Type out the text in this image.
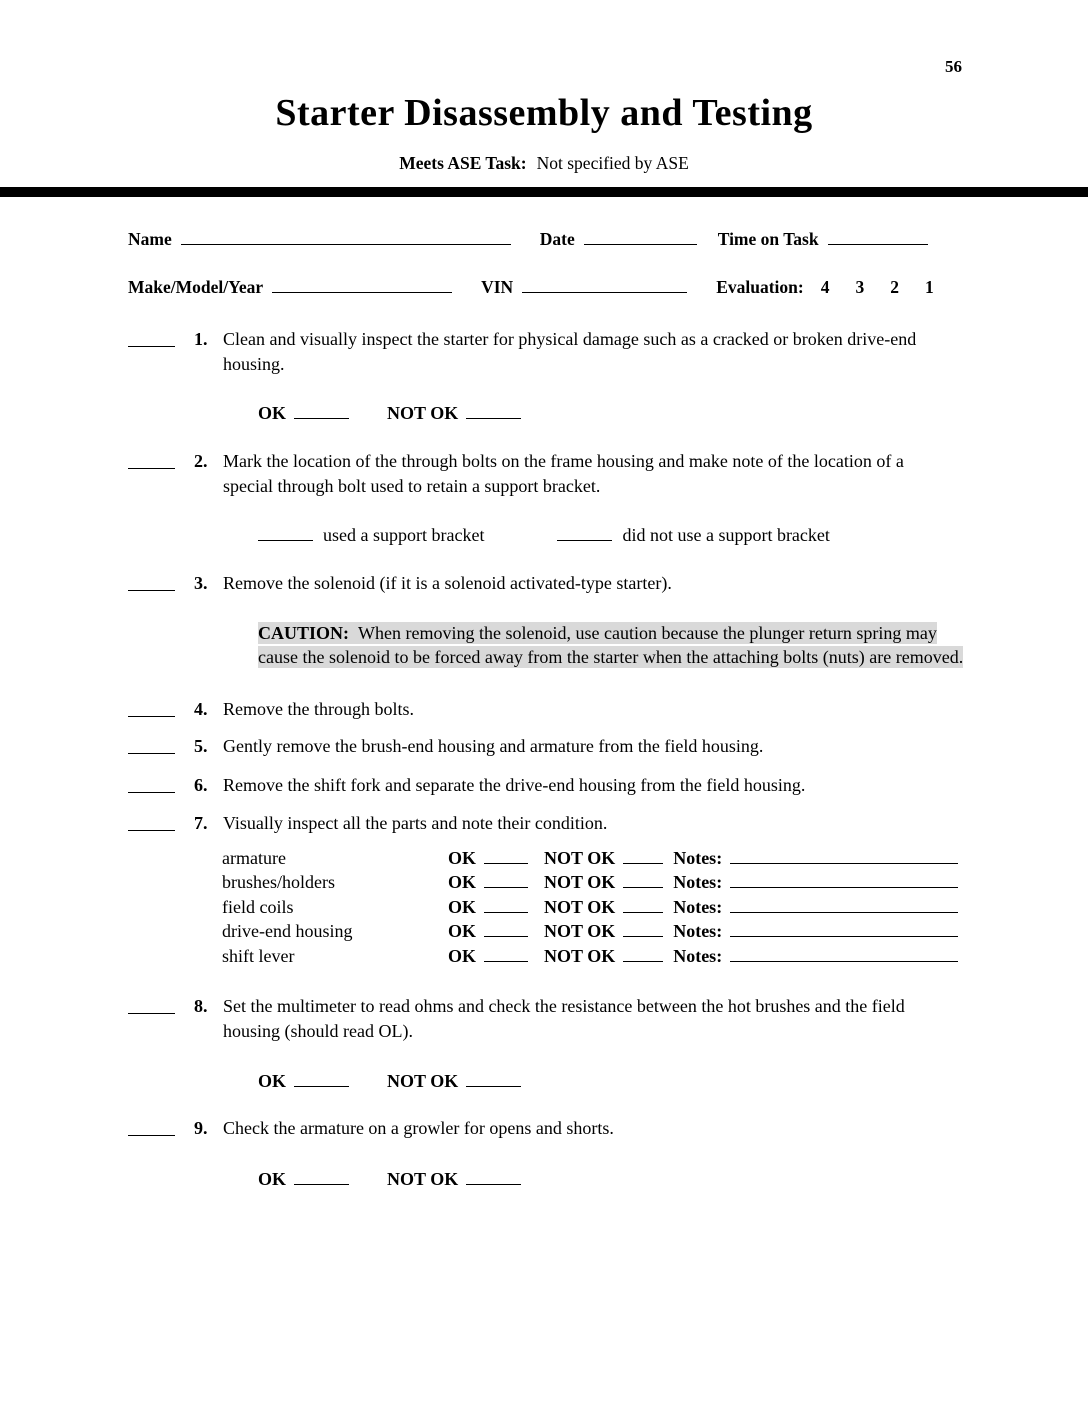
56
Starter Disassembly and Testing
Meets ASE Task: Not specified by ASE
Name	Date	Time on Task
Make/Model/Year	VIN	Evaluation: 4 3 2 1
1. Clean and visually inspect the starter for physical damage such as a cracked or broken drive-end housing.
OK	NOT OK
2. Mark the location of the through bolts on the frame housing and make note of the location of a special through bolt used to retain a support bracket.
used a support bracket	did not use a support bracket
3. Remove the solenoid (if it is a solenoid activated-type starter).
CAUTION: When removing the solenoid, use caution because the plunger return spring may cause the solenoid to be forced away from the starter when the attaching bolts (nuts) are removed.
4. Remove the through bolts.
5. Gently remove the brush-end housing and armature from the field housing.
6. Remove the shift fork and separate the drive-end housing from the field housing.
7. Visually inspect all the parts and note their condition.
armature	OK	NOT OK	Notes:
brushes/holders	OK	NOT OK	Notes:
field coils	OK	NOT OK	Notes:
drive-end housing	OK	NOT OK	Notes:
shift lever	OK	NOT OK	Notes:
8. Set the multimeter to read ohms and check the resistance between the hot brushes and the field housing (should read OL).
OK	NOT OK
9. Check the armature on a growler for opens and shorts.
OK	NOT OK
